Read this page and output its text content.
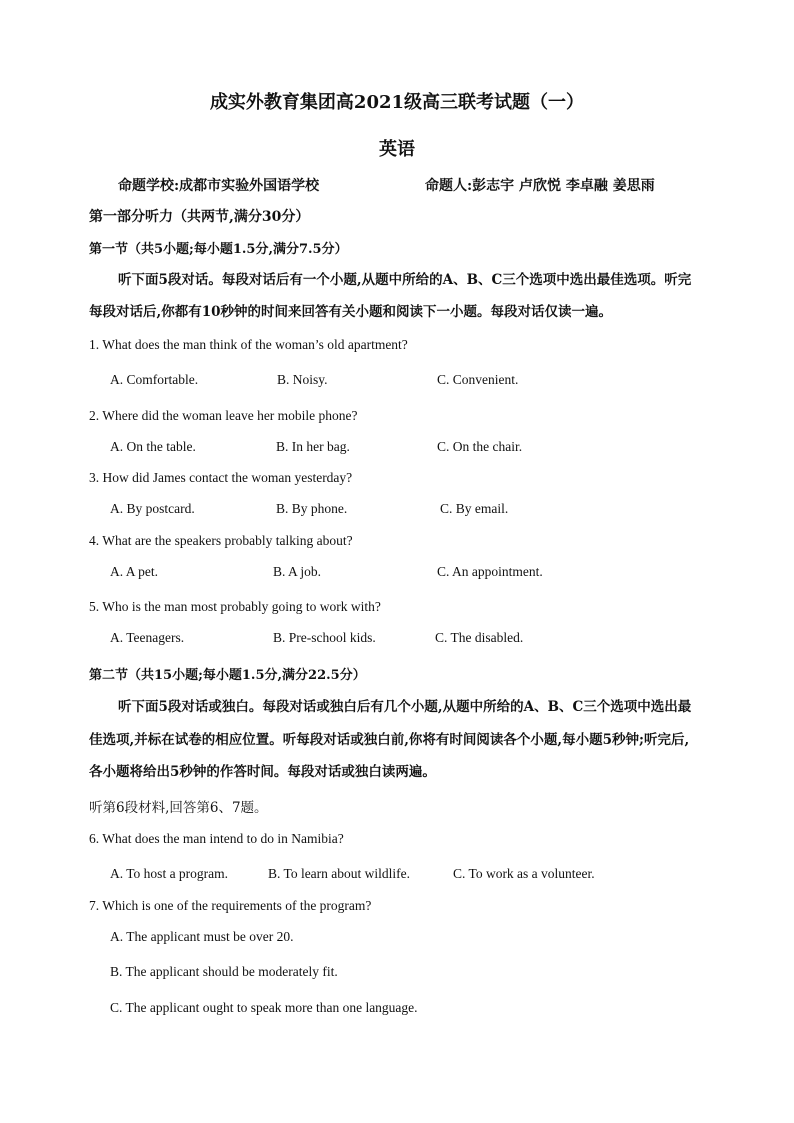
成实外教育集团高2021级高三联考试题（一）
英语
命题学校:成都市实验外国语学校	命题人:彭志宇 卢欣悦 李卓融 姜思雨
第一部分听力（共两节,满分30分）
第一节（共5小题;每小题1.5分,满分7.5分）
听下面5段对话。每段对话后有一个小题,从题中所给的A、B、C三个选项中选出最佳选项。听完
每段对话后,你都有10秒钟的时间来回答有关小题和阅读下一小题。每段对话仅读一遍。
1. What does the man think of the woman’s old apartment?
A. Comfortable.	B. Noisy.	C. Convenient.
2. Where did the woman leave her mobile phone?
A. On the table.	B. In her bag.	C. On the chair.
3. How did James contact the woman yesterday?
A. By postcard.	B. By phone.	C. By email.
4. What are the speakers probably talking about?
A. A pet.	B. A job.	C. An appointment.
5. Who is the man most probably going to work with?
A. Teenagers.	B. Pre-school kids.	C. The disabled.
第二节（共15小题;每小题1.5分,满分22.5分）
听下面5段对话或独白。每段对话或独白后有几个小题,从题中所给的A、B、C三个选项中选出最
佳选项,并标在试卷的相应位置。听每段对话或独白前,你将有时间阅读各个小题,每小题5秒钟;听完后,
各小题将给出5秒钟的作答时间。每段对话或独白读两遍。
听第6段材料,回答第6、7题。
6. What does the man intend to do in Namibia?
A. To host a program.	B. To learn about wildlife.	C. To work as a volunteer.
7. Which is one of the requirements of the program?
A. The applicant must be over 20.
B. The applicant should be moderately fit.
C. The applicant ought to speak more than one language.
